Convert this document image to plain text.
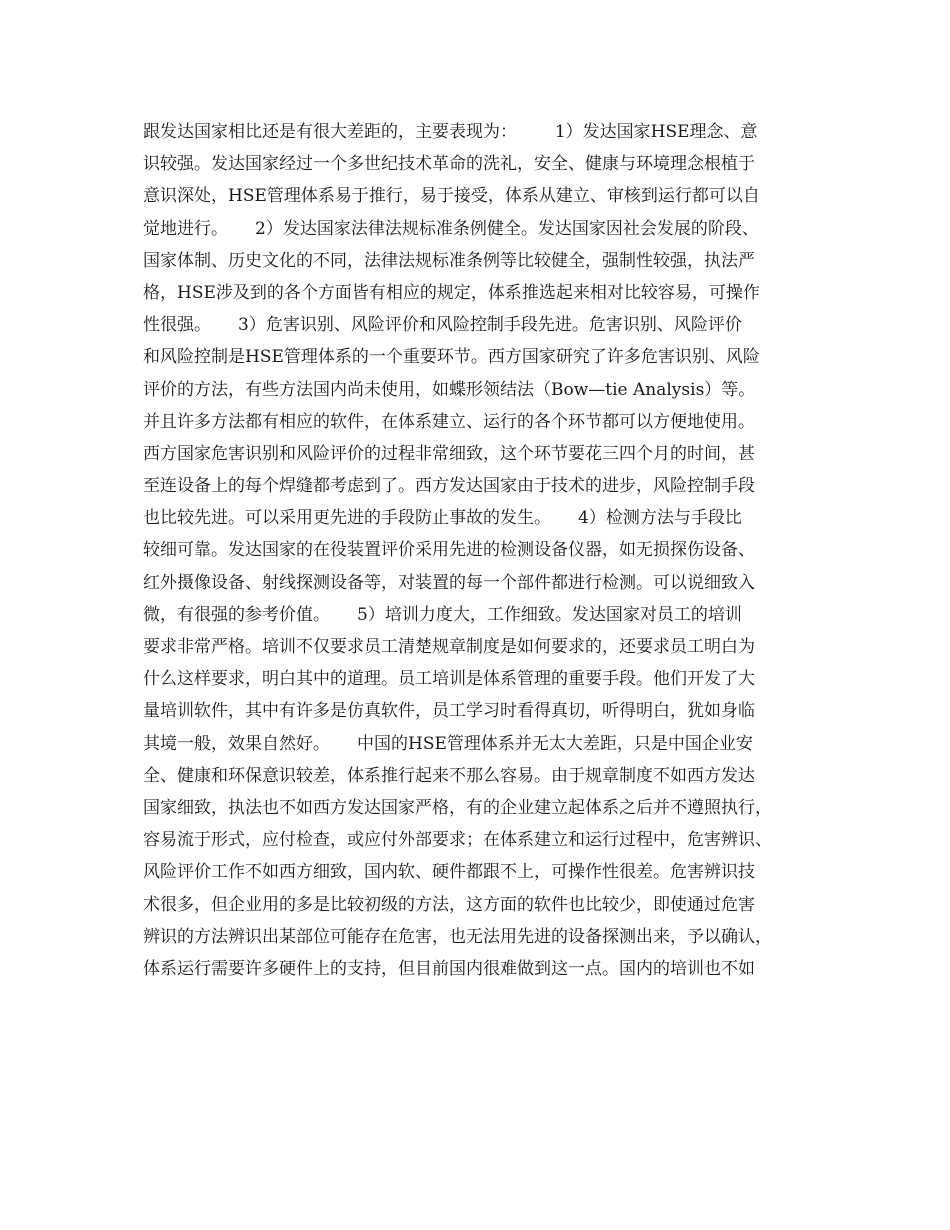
跟发达国家相比还是有很大差距的，主要表现为：       1）发达国家HSE理念、意
识较强。发达国家经过一个多世纪技术革命的洗礼，安全、健康与环境理念根植于
意识深处，HSE管理体系易于推行，易于接受，体系从建立、审核到运行都可以自
觉地进行。     2）发达国家法律法规标准条例健全。发达国家因社会发展的阶段、
国家体制、历史文化的不同，法律法规标准条例等比较健全，强制性较强，执法严
格，HSE涉及到的各个方面皆有相应的规定，体系推选起来相对比较容易，可操作
性很强。     3）危害识别、风险评价和风险控制手段先进。危害识别、风险评价
和风险控制是HSE管理体系的一个重要环节。西方国家研究了许多危害识别、风险
评价的方法，有些方法国内尚未使用，如蝶形领结法（Bow—tie Analysis）等。
并且许多方法都有相应的软件，在体系建立、运行的各个环节都可以方便地使用。
西方国家危害识别和风险评价的过程非常细致，这个环节要花三四个月的时间，甚
至连设备上的每个焊缝都考虑到了。西方发达国家由于技术的进步，风险控制手段
也比较先进。可以采用更先进的手段防止事故的发生。     4）检测方法与手段比
较细可靠。发达国家的在役装置评价采用先进的检测设备仪器，如无损探伤设备、
红外摄像设备、射线探测设备等，对装置的每一个部件都进行检测。可以说细致入
微，有很强的参考价值。     5）培训力度大，工作细致。发达国家对员工的培训
要求非常严格。培训不仅要求员工清楚规章制度是如何要求的，还要求员工明白为
什么这样要求，明白其中的道理。员工培训是体系管理的重要手段。他们开发了大
量培训软件，其中有许多是仿真软件，员工学习时看得真切，听得明白，犹如身临
其境一般，效果自然好。     中国的HSE管理体系并无太大差距，只是中国企业安
全、健康和环保意识较差，体系推行起来不那么容易。由于规章制度不如西方发达
国家细致，执法也不如西方发达国家严格，有的企业建立起体系之后并不遵照执行，
容易流于形式，应付检查，或应付外部要求；在体系建立和运行过程中，危害辨识、
风险评价工作不如西方细致，国内软、硬件都跟不上，可操作性很差。危害辨识技
术很多，但企业用的多是比较初级的方法，这方面的软件也比较少，即使通过危害
辨识的方法辨识出某部位可能存在危害，也无法用先进的设备探测出来，予以确认，
体系运行需要许多硬件上的支持，但目前国内很难做到这一点。国内的培训也不如
